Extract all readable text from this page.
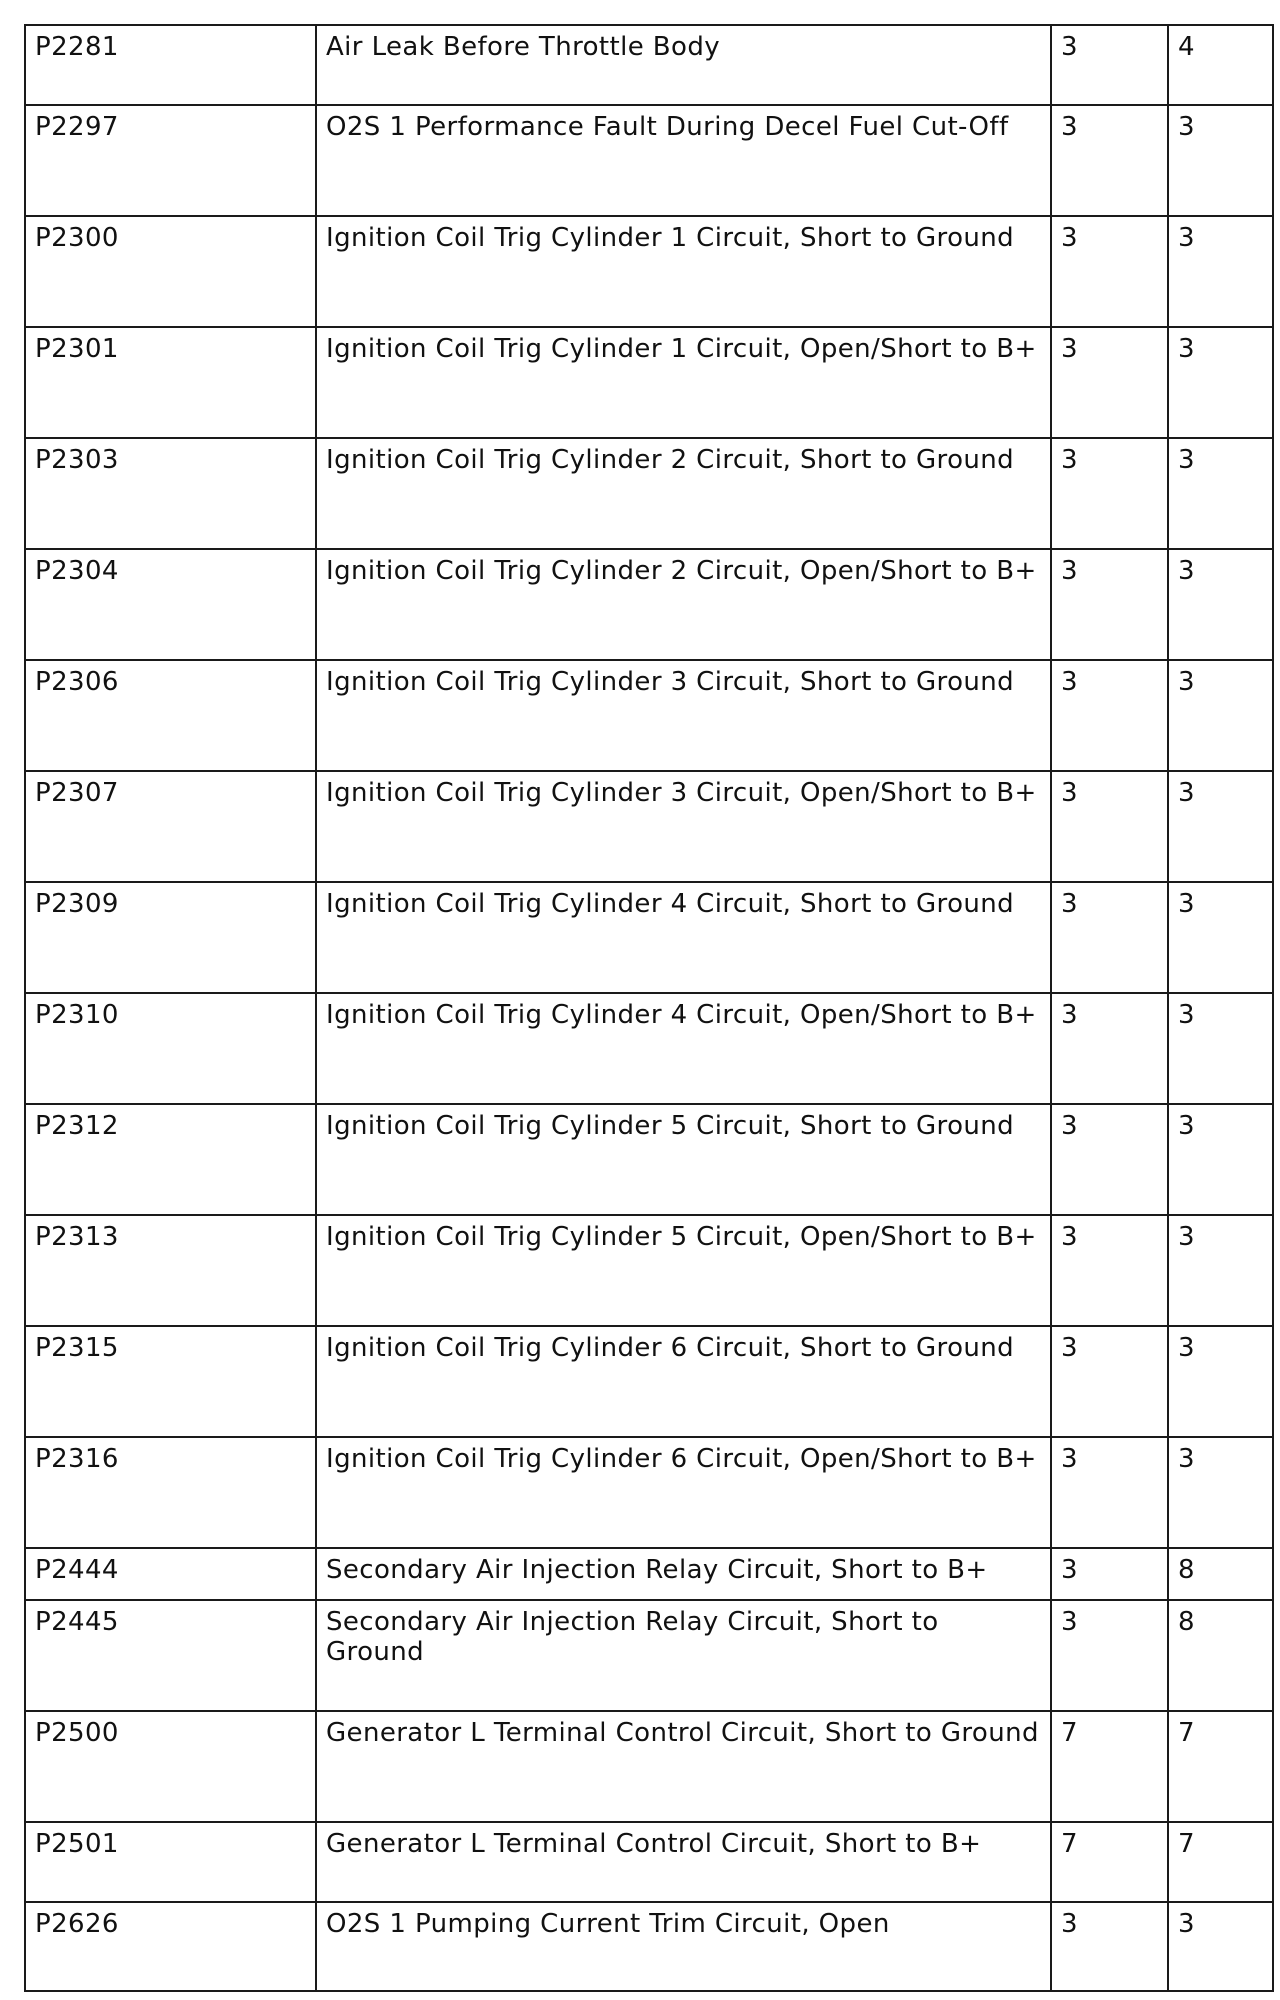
P2281	Air Leak Before Throttle Body	3	4
P2297	O2S 1 Performance Fault During Decel Fuel Cut-Off	3	3
P2300	Ignition Coil Trig Cylinder 1 Circuit, Short to Ground	3	3
P2301	Ignition Coil Trig Cylinder 1 Circuit, Open/Short to B+	3	3
P2303	Ignition Coil Trig Cylinder 2 Circuit, Short to Ground	3	3
P2304	Ignition Coil Trig Cylinder 2 Circuit, Open/Short to B+	3	3
P2306	Ignition Coil Trig Cylinder 3 Circuit, Short to Ground	3	3
P2307	Ignition Coil Trig Cylinder 3 Circuit, Open/Short to B+	3	3
P2309	Ignition Coil Trig Cylinder 4 Circuit, Short to Ground	3	3
P2310	Ignition Coil Trig Cylinder 4 Circuit, Open/Short to B+	3	3
P2312	Ignition Coil Trig Cylinder 5 Circuit, Short to Ground	3	3
P2313	Ignition Coil Trig Cylinder 5 Circuit, Open/Short to B+	3	3
P2315	Ignition Coil Trig Cylinder 6 Circuit, Short to Ground	3	3
P2316	Ignition Coil Trig Cylinder 6 Circuit, Open/Short to B+	3	3
P2444	Secondary Air Injection Relay Circuit, Short to B+	3	8
P2445	Secondary Air Injection Relay Circuit, Short to Ground	3	8
P2500	Generator L Terminal Control Circuit, Short to Ground	7	7
P2501	Generator L Terminal Control Circuit, Short to B+	7	7
P2626	O2S 1 Pumping Current Trim Circuit, Open	3	3
